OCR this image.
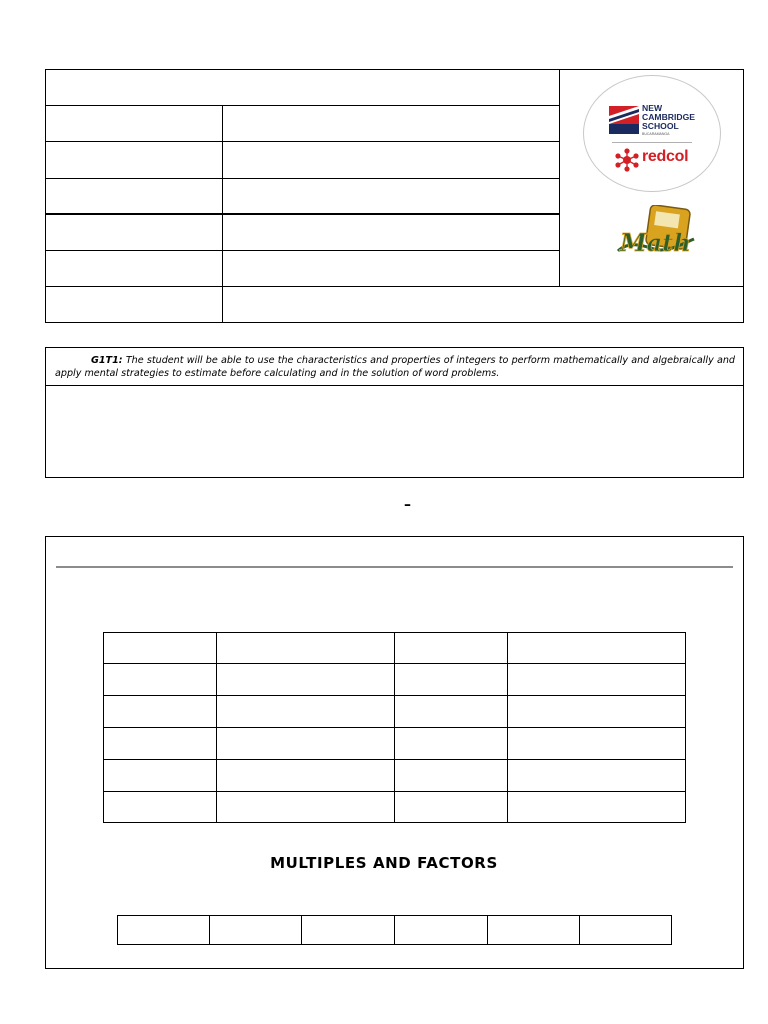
NEW
CAMBRIDGE
SCHOOL
BUCARAMANGA
redcol
Math
G1T1: The student will be able to use the characteristics and properties of integers to perform mathematically and algebraically and apply mental strategies to estimate before calculating and in the solution of word problems.
–
MULTIPLES AND FACTORS
